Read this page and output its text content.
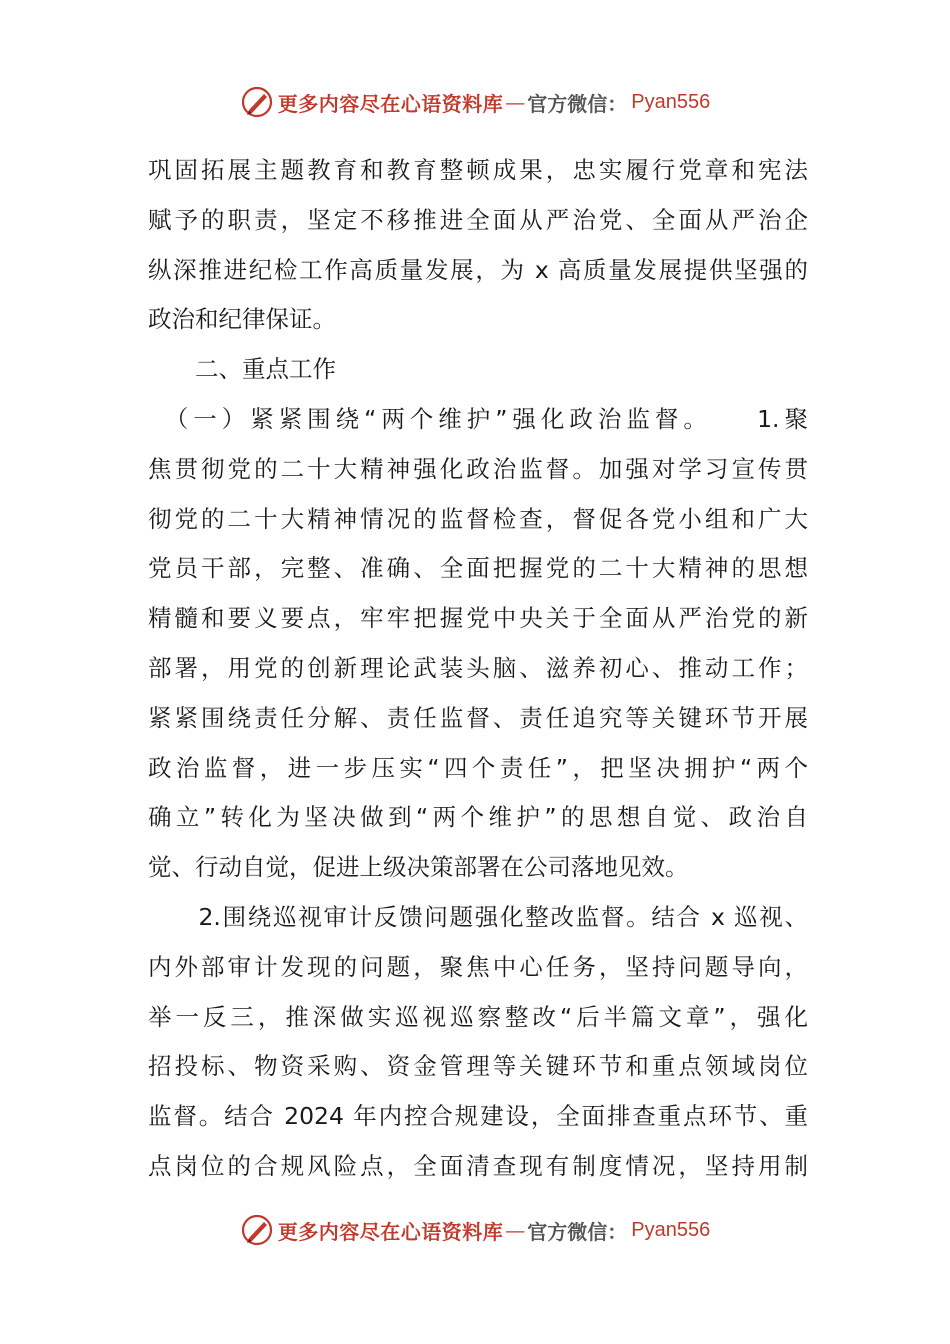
更多内容尽在心语资料库 — 官方微信： Pyan556
巩固拓展主题教育和教育整顿成果，忠实履行党章和宪法
赋予的职责，坚定不移推进全面从严治党、全面从严治企
纵深推进纪检工作高质量发展，为 x 高质量发展提供坚强的
政治和纪律保证。
　　二、重点工作
　（一）紧紧围绕“两个维护”强化政治监督。　　1.聚
焦贯彻党的二十大精神强化政治监督。加强对学习宣传贯
彻党的二十大精神情况的监督检查，督促各党小组和广大
党员干部，完整、准确、全面把握党的二十大精神的思想
精髓和要义要点，牢牢把握党中央关于全面从严治党的新
部署，用党的创新理论武装头脑、滋养初心、推动工作；
紧紧围绕责任分解、责任监督、责任追究等关键环节开展
政治监督，进一步压实“四个责任”，把坚决拥护“两个
确立”转化为坚决做到“两个维护”的思想自觉、政治自
觉、行动自觉，促进上级决策部署在公司落地见效。
　　2.围绕巡视审计反馈问题强化整改监督。结合 x 巡视、
内外部审计发现的问题，聚焦中心任务，坚持问题导向，
举一反三，推深做实巡视巡察整改“后半篇文章”，强化
招投标、物资采购、资金管理等关键环节和重点领域岗位
监督。结合 2024 年内控合规建设，全面排查重点环节、重
点岗位的合规风险点，全面清查现有制度情况，坚持用制
更多内容尽在心语资料库 — 官方微信： Pyan556
